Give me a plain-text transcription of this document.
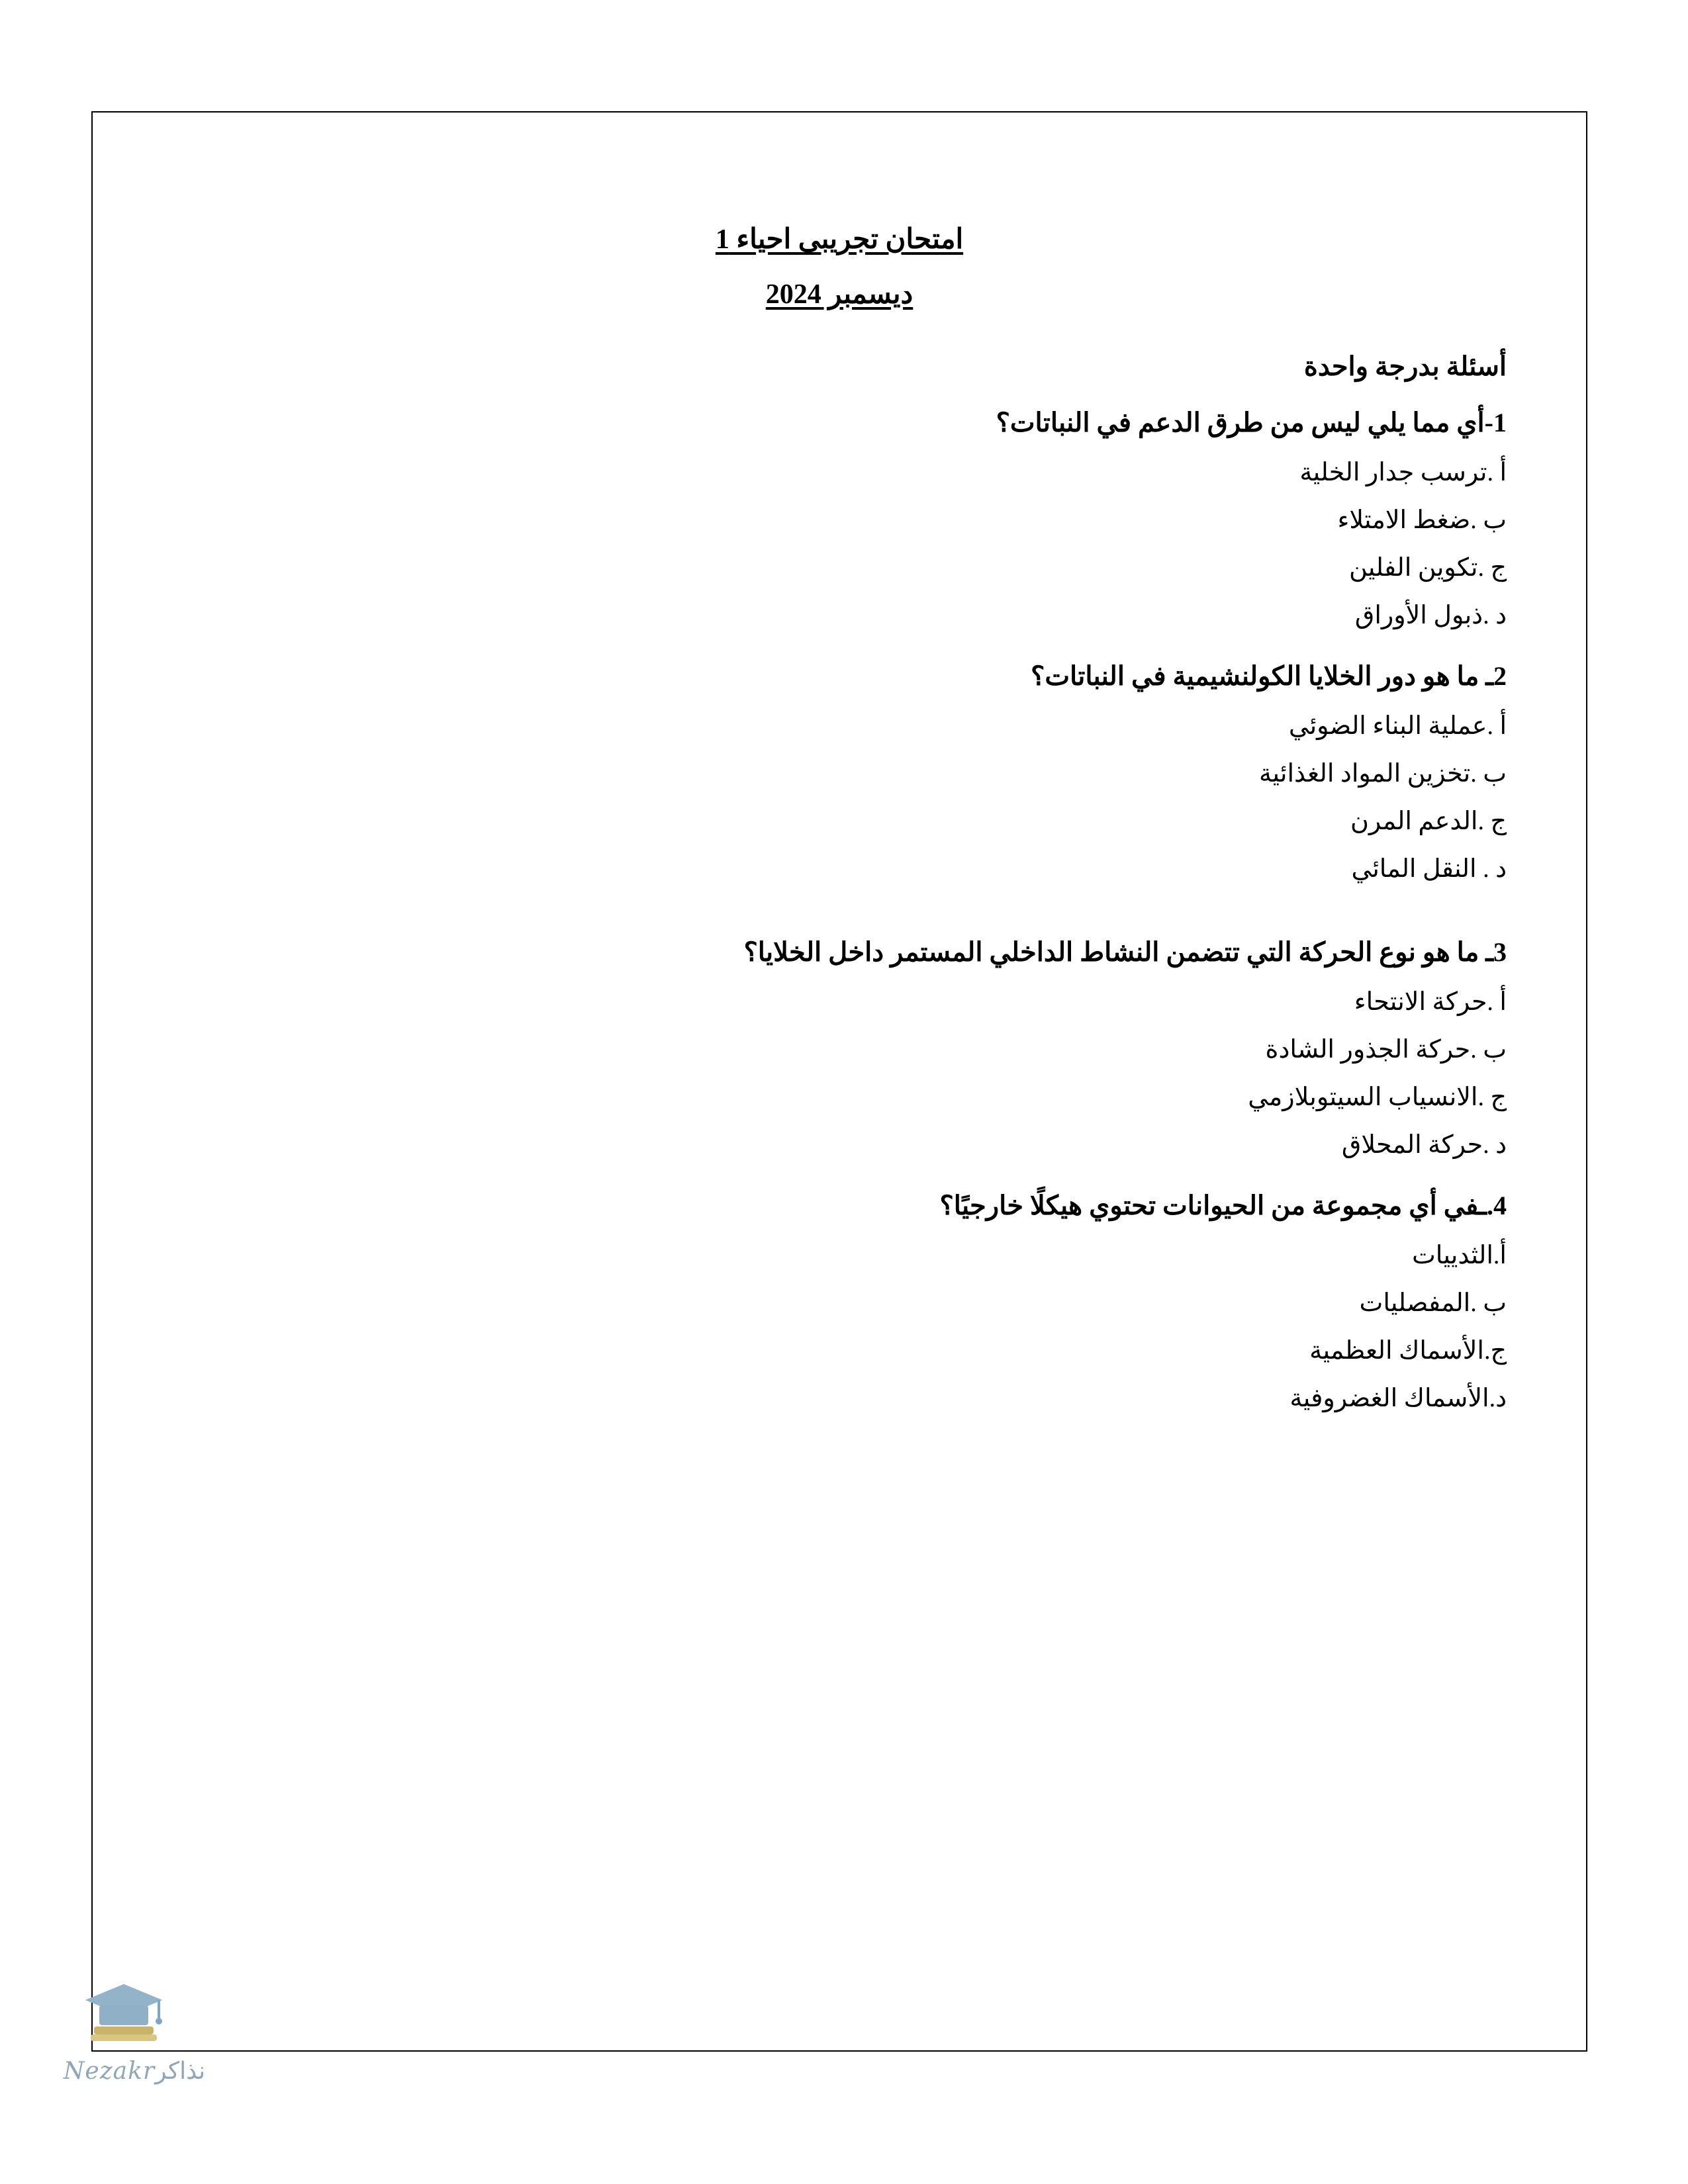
امتحان تجريبى احياء 1
ديسمبر 2024
أسئلة بدرجة واحدة
1-أي مما يلي ليس من طرق الدعم في النباتات؟
أ .ترسب جدار الخلية
ب .ضغط الامتلاء
ج .تكوين الفلين
د .ذبول الأوراق
2ـ ما هو دور الخلايا الكولنشيمية في النباتات؟
أ .عملية البناء الضوئي
ب .تخزين المواد الغذائية
ج .الدعم المرن
د . النقل المائي
3ـ ما هو نوع الحركة التي تتضمن النشاط الداخلي المستمر داخل الخلايا؟
أ .حركة الانتحاء
ب .حركة الجذور الشادة
ج .الانسياب السيتوبلازمي
د .حركة المحلاق
4.ـفي أي مجموعة من الحيوانات تحتوي هيكلًا خارجيًا؟
أ.الثدييات
ب .المفصليات
ج.الأسماك العظمية
د.الأسماك الغضروفية
Nezakrنذاكر
